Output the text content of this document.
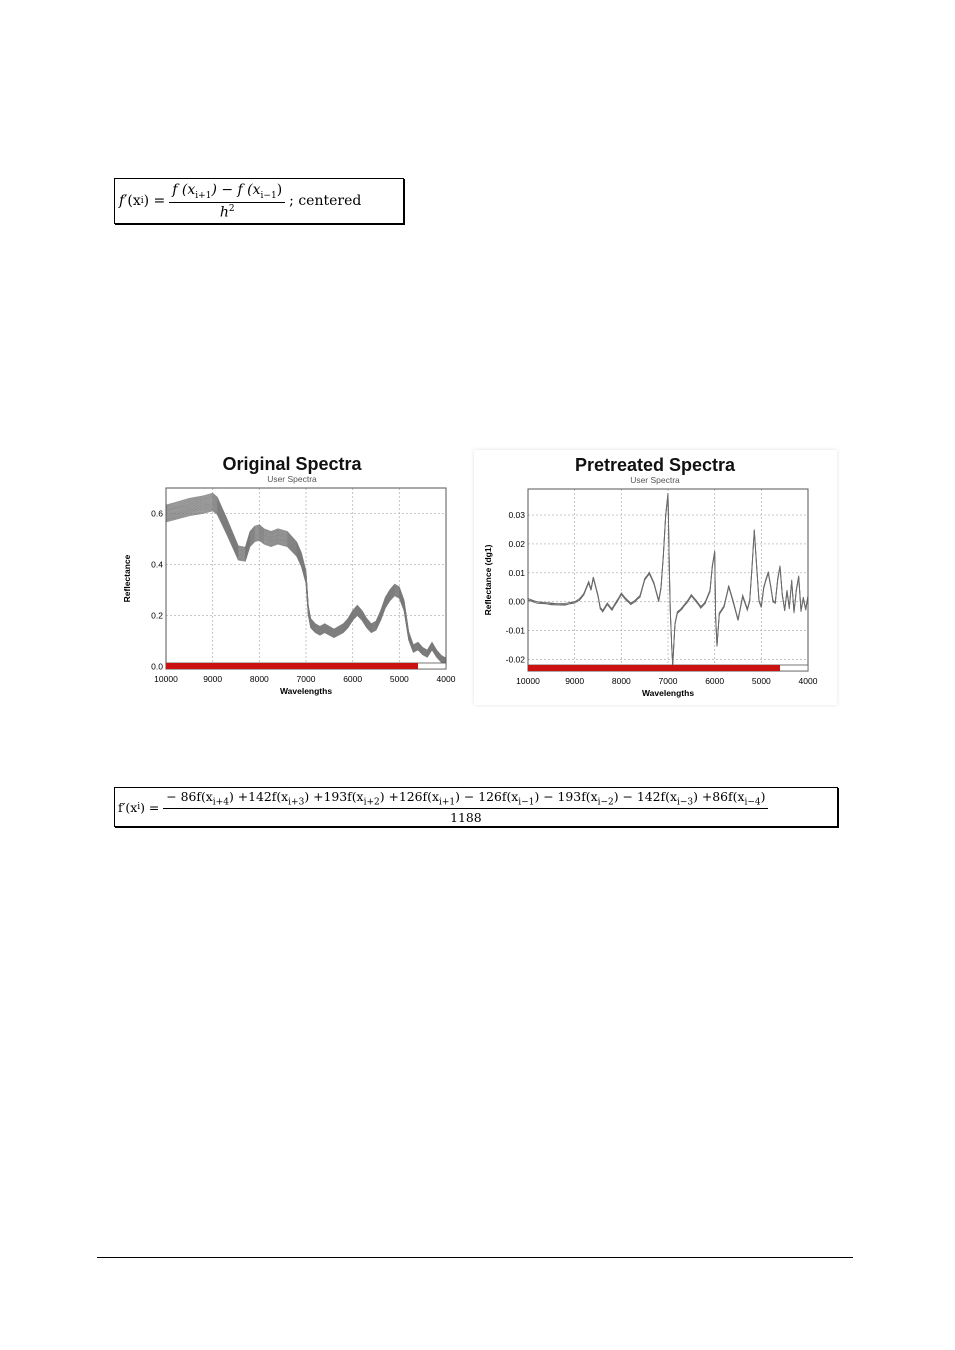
f ′(x i ) = $\frac{f (x_{i+1}) - f (x_{i-1})}{h^2}$ ; centered
Original Spectra
User Spectra
10000	9000	8000	7000	6000	5000	4000
0.0
0.2
0.4
0.6
Wavelengths
Reflectance
Pretreated Spectra
User Spectra
10000	9000	8000	7000	6000	5000	4000
0.03
0.02
0.01
0.00
-0.01
-0.02
Wavelengths
Reflectance (dg1)
f′(x i ) =
− $86f(x_{i+4}) +142f(x_{i+3}) +193f(x_{i+2}) +126f(x_{i+1}) - 126f(x_{i-1}) - 193f(x_{i-2}) - 142f(x_{i-3}) +86f(x_{i-4})$
1188
